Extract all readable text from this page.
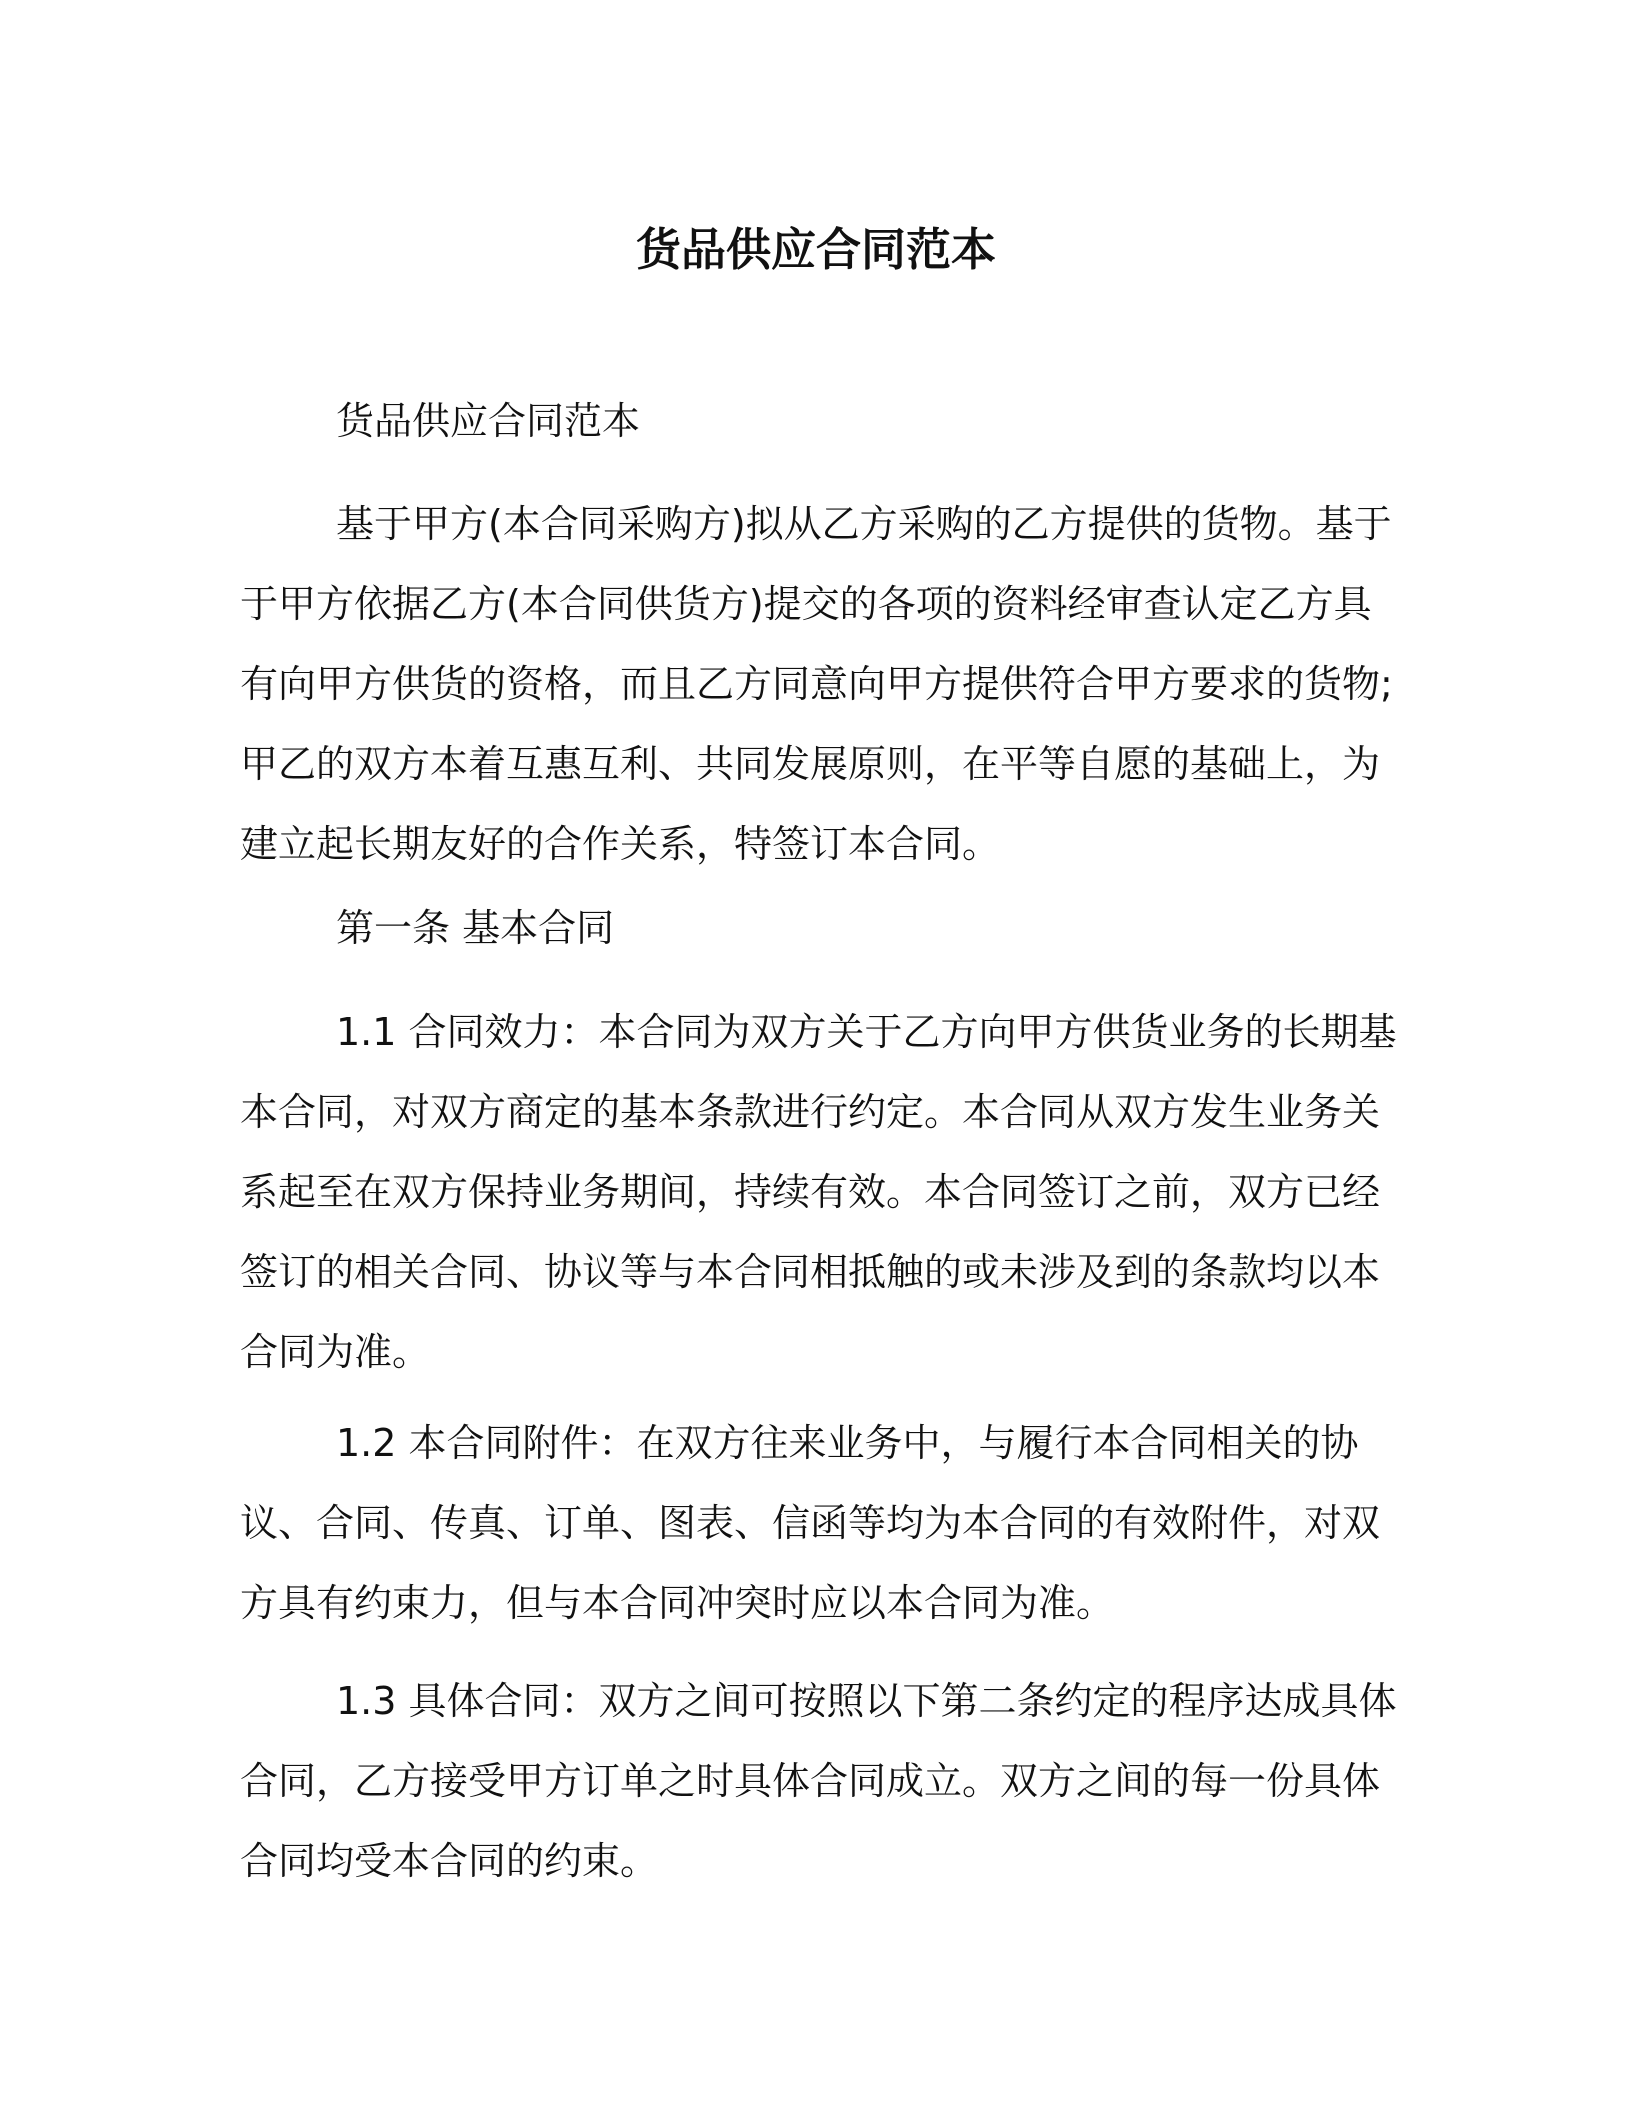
货品供应合同范本

货品供应合同范本

基于甲方(本合同采购方)拟从乙方采购的乙方提供的货物。基于于甲方依据乙方(本合同供货方)提交的各项的资料经审查认定乙方具有向甲方供货的资格，而且乙方同意向甲方提供符合甲方要求的货物;甲乙的双方本着互惠互利、共同发展原则，在平等自愿的基础上，为建立起长期友好的合作关系，特签订本合同。

第一条 基本合同

1.1 合同效力：本合同为双方关于乙方向甲方供货业务的长期基本合同，对双方商定的基本条款进行约定。本合同从双方发生业务关系起至在双方保持业务期间，持续有效。本合同签订之前，双方已经签订的相关合同、协议等与本合同相抵触的或未涉及到的条款均以本合同为准。

1.2 本合同附件：在双方往来业务中，与履行本合同相关的协议、合同、传真、订单、图表、信函等均为本合同的有效附件，对双方具有约束力，但与本合同冲突时应以本合同为准。

1.3 具体合同：双方之间可按照以下第二条约定的程序达成具体合同，乙方接受甲方订单之时具体合同成立。双方之间的每一份具体合同均受本合同的约束。
